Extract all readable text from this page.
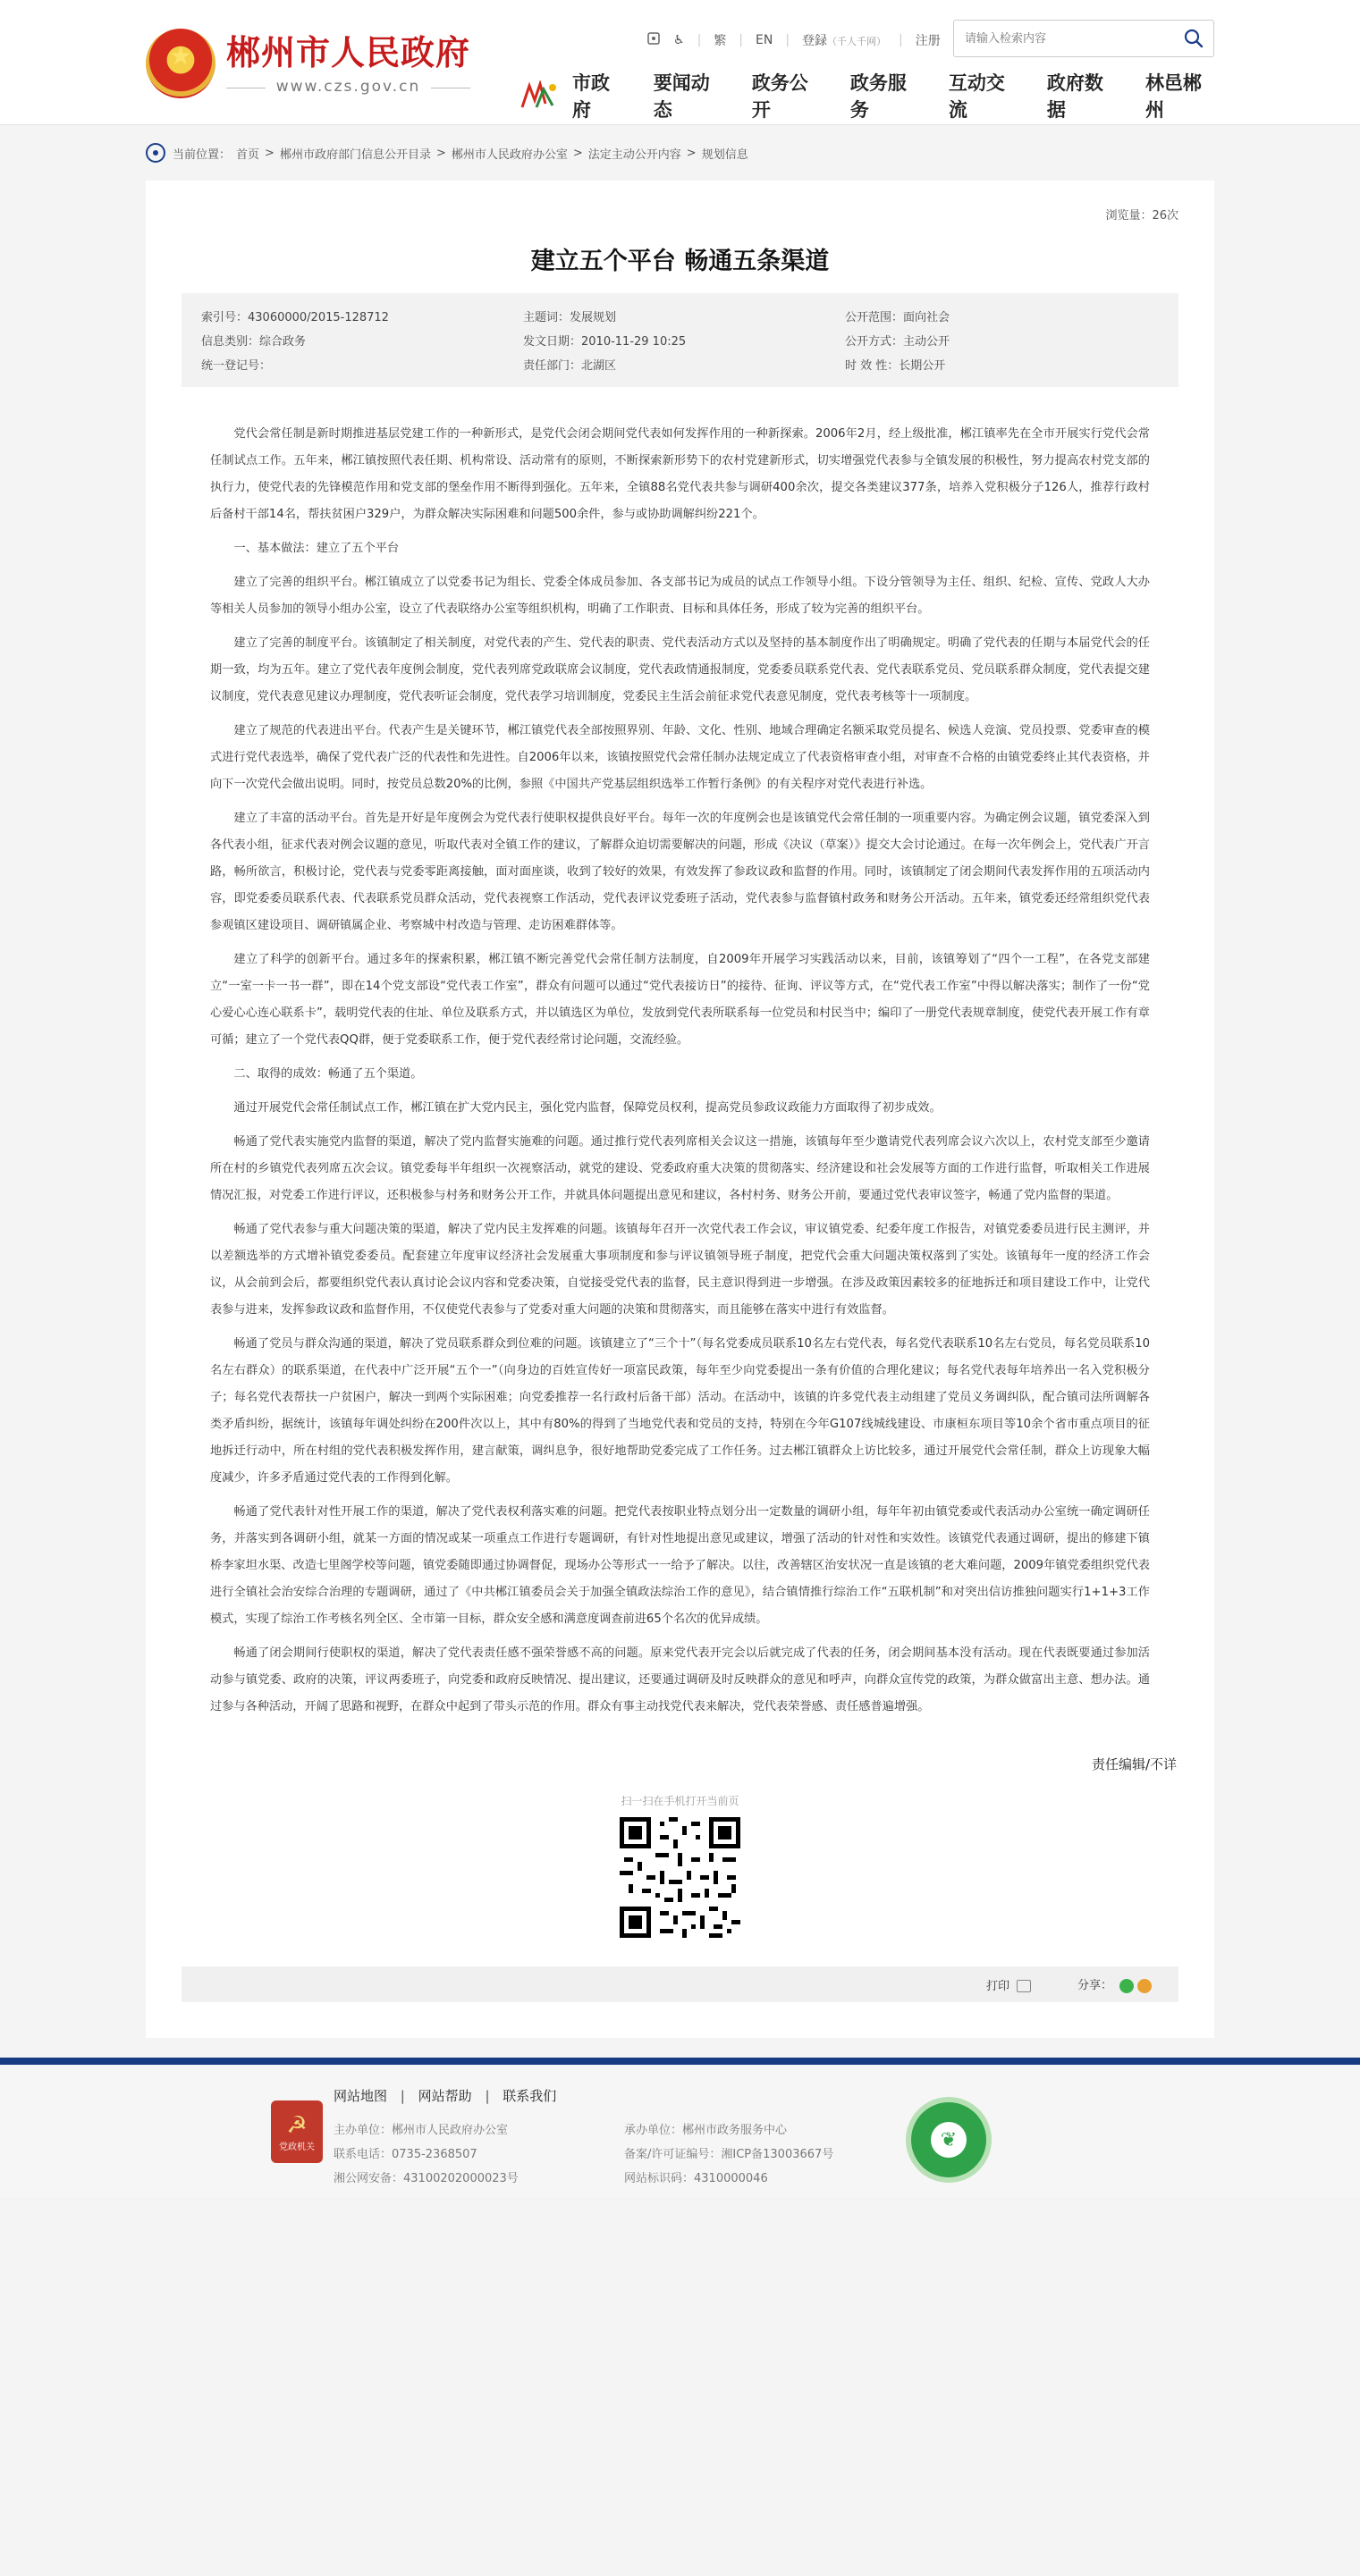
★
郴州市人民政府
www.czs.gov.cn
♿ | 繁 | EN | 登録（千人千网） | 注册
请输入检索内容
市政府
要闻动态
政务公开
政务服务
互动交流
政府数据
林邑郴州
当前位置： 首页 > 郴州市政府部门信息公开目录 > 郴州市人民政府办公室 > 法定主动公开内容 > 规划信息
浏览量：26次
建立五个平台 畅通五条渠道
索引号：43060000/2015-128712	主题词：发展规划	公开范围：面向社会
信息类别：综合政务	发文日期：2010-11-29 10:25	公开方式：主动公开
统一登记号：	责任部门：北湖区	时 效 性：长期公开

党代会常任制是新时期推进基层党建工作的一种新形式，是党代会闭会期间党代表如何发挥作用的一种新探索。2006年2月，经上级批准，郴江镇率先在全市开展实行党代会常任制试点工作。五年来，郴江镇按照代表任期、机构常设、活动常有的原则，不断探索新形势下的农村党建新形式，切实增强党代表参与全镇发展的积极性，努力提高农村党支部的执行力，使党代表的先锋模范作用和党支部的堡垒作用不断得到强化。五年来，全镇88名党代表共参与调研400余次，提交各类建议377条，培养入党积极分子126人，推荐行政村后备村干部14名，帮扶贫困户329户，为群众解决实际困难和问题500余件，参与或协助调解纠纷221个。

一、基本做法：建立了五个平台

建立了完善的组织平台。郴江镇成立了以党委书记为组长、党委全体成员参加、各支部书记为成员的试点工作领导小组。下设分管领导为主任、组织、纪检、宣传、党政人大办等相关人员参加的领导小组办公室，设立了代表联络办公室等组织机构，明确了工作职责、目标和具体任务，形成了较为完善的组织平台。

建立了完善的制度平台。该镇制定了相关制度，对党代表的产生、党代表的职责、党代表活动方式以及坚持的基本制度作出了明确规定。明确了党代表的任期与本届党代会的任期一致，均为五年。建立了党代表年度例会制度，党代表列席党政联席会议制度，党代表政情通报制度，党委委员联系党代表、党代表联系党员、党员联系群众制度，党代表提交建议制度，党代表意见建议办理制度，党代表听证会制度，党代表学习培训制度，党委民主生活会前征求党代表意见制度，党代表考核等十一项制度。

建立了规范的代表进出平台。代表产生是关键环节，郴江镇党代表全部按照界别、年龄、文化、性别、地域合理确定名额采取党员提名、候选人竞演、党员投票、党委审查的模式进行党代表选举，确保了党代表广泛的代表性和先进性。自2006年以来，该镇按照党代会常任制办法规定成立了代表资格审查小组，对审查不合格的由镇党委终止其代表资格，并向下一次党代会做出说明。同时，按党员总数20%的比例，参照《中国共产党基层组织选举工作暂行条例》的有关程序对党代表进行补选。

建立了丰富的活动平台。首先是开好是年度例会为党代表行使职权提供良好平台。每年一次的年度例会也是该镇党代会常任制的一项重要内容。为确定例会议题，镇党委深入到各代表小组，征求代表对例会议题的意见，听取代表对全镇工作的建议，了解群众迫切需要解决的问题，形成《决议（草案）》提交大会讨论通过。在每一次年例会上，党代表广开言路，畅所欲言，积极讨论，党代表与党委零距离接触，面对面座谈，收到了较好的效果，有效发挥了参政议政和监督的作用。同时，该镇制定了闭会期间代表发挥作用的五项活动内容，即党委委员联系代表、代表联系党员群众活动，党代表视察工作活动，党代表评议党委班子活动，党代表参与监督镇村政务和财务公开活动。五年来，镇党委还经常组织党代表参观镇区建设项目、调研镇属企业、考察城中村改造与管理、走访困难群体等。

建立了科学的创新平台。通过多年的探索积累，郴江镇不断完善党代会常任制方法制度，自2009年开展学习实践活动以来，目前，该镇筹划了“四个一工程”，在各党支部建立“一室一卡一书一群”，即在14个党支部设“党代表工作室”，群众有问题可以通过“党代表接访日”的接待、征询、评议等方式，在“党代表工作室”中得以解决落实；制作了一份“党心爱心心连心联系卡”，载明党代表的住址、单位及联系方式，并以镇选区为单位，发放到党代表所联系每一位党员和村民当中；编印了一册党代表规章制度，使党代表开展工作有章可循；建立了一个党代表QQ群，便于党委联系工作，便于党代表经常讨论问题，交流经验。

二、取得的成效：畅通了五个渠道。

通过开展党代会常任制试点工作，郴江镇在扩大党内民主，强化党内监督，保障党员权利，提高党员参政议政能力方面取得了初步成效。

畅通了党代表实施党内监督的渠道，解决了党内监督实施难的问题。通过推行党代表列席相关会议这一措施，该镇每年至少邀请党代表列席会议六次以上，农村党支部至少邀请所在村的乡镇党代表列席五次会议。镇党委每半年组织一次视察活动，就党的建设、党委政府重大决策的贯彻落实、经济建设和社会发展等方面的工作进行监督，听取相关工作进展情况汇报，对党委工作进行评议，还积极参与村务和财务公开工作，并就具体问题提出意见和建议，各村村务、财务公开前，要通过党代表审议签字，畅通了党内监督的渠道。

畅通了党代表参与重大问题决策的渠道，解决了党内民主发挥难的问题。该镇每年召开一次党代表工作会议，审议镇党委、纪委年度工作报告，对镇党委委员进行民主测评，并以差额选举的方式增补镇党委委员。配套建立年度审议经济社会发展重大事项制度和参与评议镇领导班子制度，把党代会重大问题决策权落到了实处。该镇每年一度的经济工作会议，从会前到会后，都要组织党代表认真讨论会议内容和党委决策，自觉接受党代表的监督，民主意识得到进一步增强。在涉及政策因素较多的征地拆迁和项目建设工作中，让党代表参与进来，发挥参政议政和监督作用，不仅使党代表参与了党委对重大问题的决策和贯彻落实，而且能够在落实中进行有效监督。

畅通了党员与群众沟通的渠道，解决了党员联系群众到位难的问题。该镇建立了“三个十”（每名党委成员联系10名左右党代表，每名党代表联系10名左右党员，每名党员联系10名左右群众）的联系渠道，在代表中广泛开展“五个一”（向身边的百姓宣传好一项富民政策，每年至少向党委提出一条有价值的合理化建议；每名党代表每年培养出一名入党积极分子；每名党代表帮扶一户贫困户，解决一到两个实际困难；向党委推荐一名行政村后备干部）活动。在活动中，该镇的许多党代表主动组建了党员义务调纠队，配合镇司法所调解各类矛盾纠纷，据统计，该镇每年调处纠纷在200件次以上，其中有80%的得到了当地党代表和党员的支持，特别在今年G107线城线建设、市康桓东项目等10余个省市重点项目的征地拆迁行动中，所在村组的党代表积极发挥作用，建言献策，调纠息争，很好地帮助党委完成了工作任务。过去郴江镇群众上访比较多，通过开展党代会常任制，群众上访现象大幅度减少，许多矛盾通过党代表的工作得到化解。

畅通了党代表针对性开展工作的渠道，解决了党代表权利落实难的问题。把党代表按职业特点划分出一定数量的调研小组，每年年初由镇党委或代表活动办公室统一确定调研任务，并落实到各调研小组，就某一方面的情况或某一项重点工作进行专题调研，有针对性地提出意见或建议，增强了活动的针对性和实效性。该镇党代表通过调研，提出的修建下镇桥李家坦水渠、改造七里阁学校等问题，镇党委随即通过协调督促，现场办公等形式一一给予了解决。以往，改善辖区治安状况一直是该镇的老大难问题，2009年镇党委组织党代表进行全镇社会治安综合治理的专题调研，通过了《中共郴江镇委员会关于加强全镇政法综治工作的意见》，结合镇情推行综治工作“五联机制”和对突出信访推独问题实行1+1+3工作模式，实现了综治工作考核名列全区、全市第一目标，群众安全感和满意度调查前进65个名次的优异成绩。

畅通了闭会期间行使职权的渠道，解决了党代表责任感不强荣誉感不高的问题。原来党代表开完会以后就完成了代表的任务，闭会期间基本没有活动。现在代表既要通过参加活动参与镇党委、政府的决策，评议两委班子，向党委和政府反映情况、提出建议，还要通过调研及时反映群众的意见和呼声，向群众宣传党的政策，为群众做富出主意、想办法。通过参与各种活动，开阔了思路和视野，在群众中起到了带头示范的作用。群众有事主动找党代表来解决，党代表荣誉感、责任感普遍增强。

责任编辑/不详
扫一扫在手机打开当前页
打印	分享：
☭
党政机关
网站地图 | 网站帮助 | 联系我们
主办单位：郴州市人民政府办公室	承办单位：郴州市政务服务中心
联系电话：0735-2368507	备案/许可证编号：湘ICP备13003667号
湘公网安备：43100202000023号	网站标识码：4310000046
❦
